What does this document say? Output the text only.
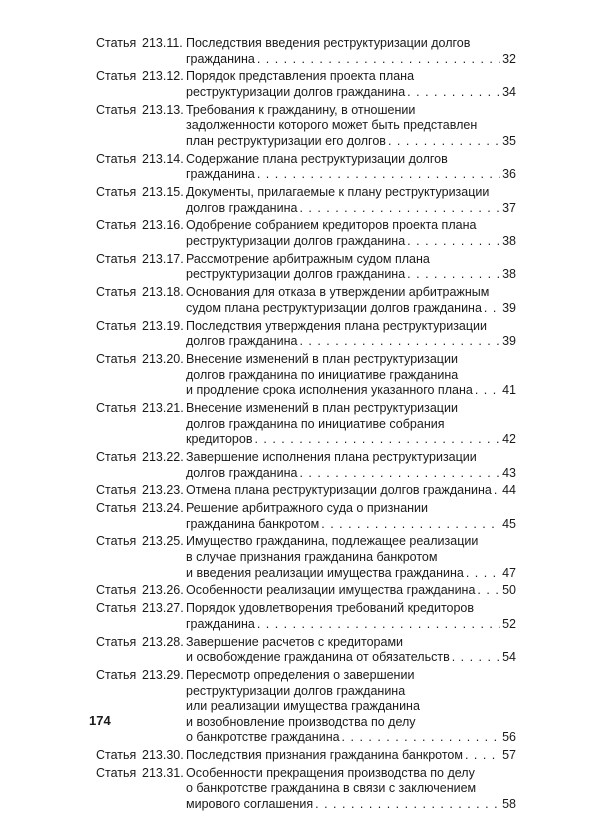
Статья 213.11. Последствия введения реструктуризации долгов
гражданина . . .	32
Статья 213.12. Порядок представления проекта плана
реструктуризации долгов гражданина . . .	34
Статья 213.13. Требования к гражданину, в отношении
задолженности которого может быть представлен
план реструктуризации его долгов . . .	35
Статья 213.14. Содержание плана реструктуризации долгов
гражданина . . .	36
Статья 213.15. Документы, прилагаемые к плану реструктуризации
долгов гражданина . . .	37
Статья 213.16. Одобрение собранием кредиторов проекта плана
реструктуризации долгов гражданина . . .	38
Статья 213.17. Рассмотрение арбитражным судом плана
реструктуризации долгов гражданина . . .	38
Статья 213.18. Основания для отказа в утверждении арбитражным
судом плана реструктуризации долгов гражданина . . . 39
Статья 213.19. Последствия утверждения плана реструктуризации
долгов гражданина . . .	39
Статья 213.20. Внесение изменений в план реструктуризации
долгов гражданина по инициативе гражданина
и продление срока исполнения указанного плана . . . 41
Статья 213.21. Внесение изменений в план реструктуризации
долгов гражданина по инициативе собрания
кредиторов . . .	42
Статья 213.22. Завершение исполнения плана реструктуризации
долгов гражданина . . .	43
Статья 213.23. Отмена плана реструктуризации долгов гражданина . . . 44
Статья 213.24. Решение арбитражного суда о признании
гражданина банкротом . . .	45
Статья 213.25. Имущество гражданина, подлежащее реализации
в случае признания гражданина банкротом
и введения реализации имущества гражданина . . .	47
Статья 213.26. Особенности реализации имущества гражданина . . . 50
Статья 213.27. Порядок удовлетворения требований кредиторов
гражданина . . .	52
Статья 213.28. Завершение расчетов с кредиторами
и освобождение гражданина от обязательств . . .	54
Статья 213.29. Пересмотр определения о завершении
реструктуризации долгов гражданина
или реализации имущества гражданина
и возобновление производства по делу
о банкротстве гражданина . . .	56
Статья 213.30. Последствия признания гражданина банкротом . . .	57
Статья 213.31. Особенности прекращения производства по делу
о банкротстве гражданина в связи с заключением
мирового соглашения . . .	58
174
